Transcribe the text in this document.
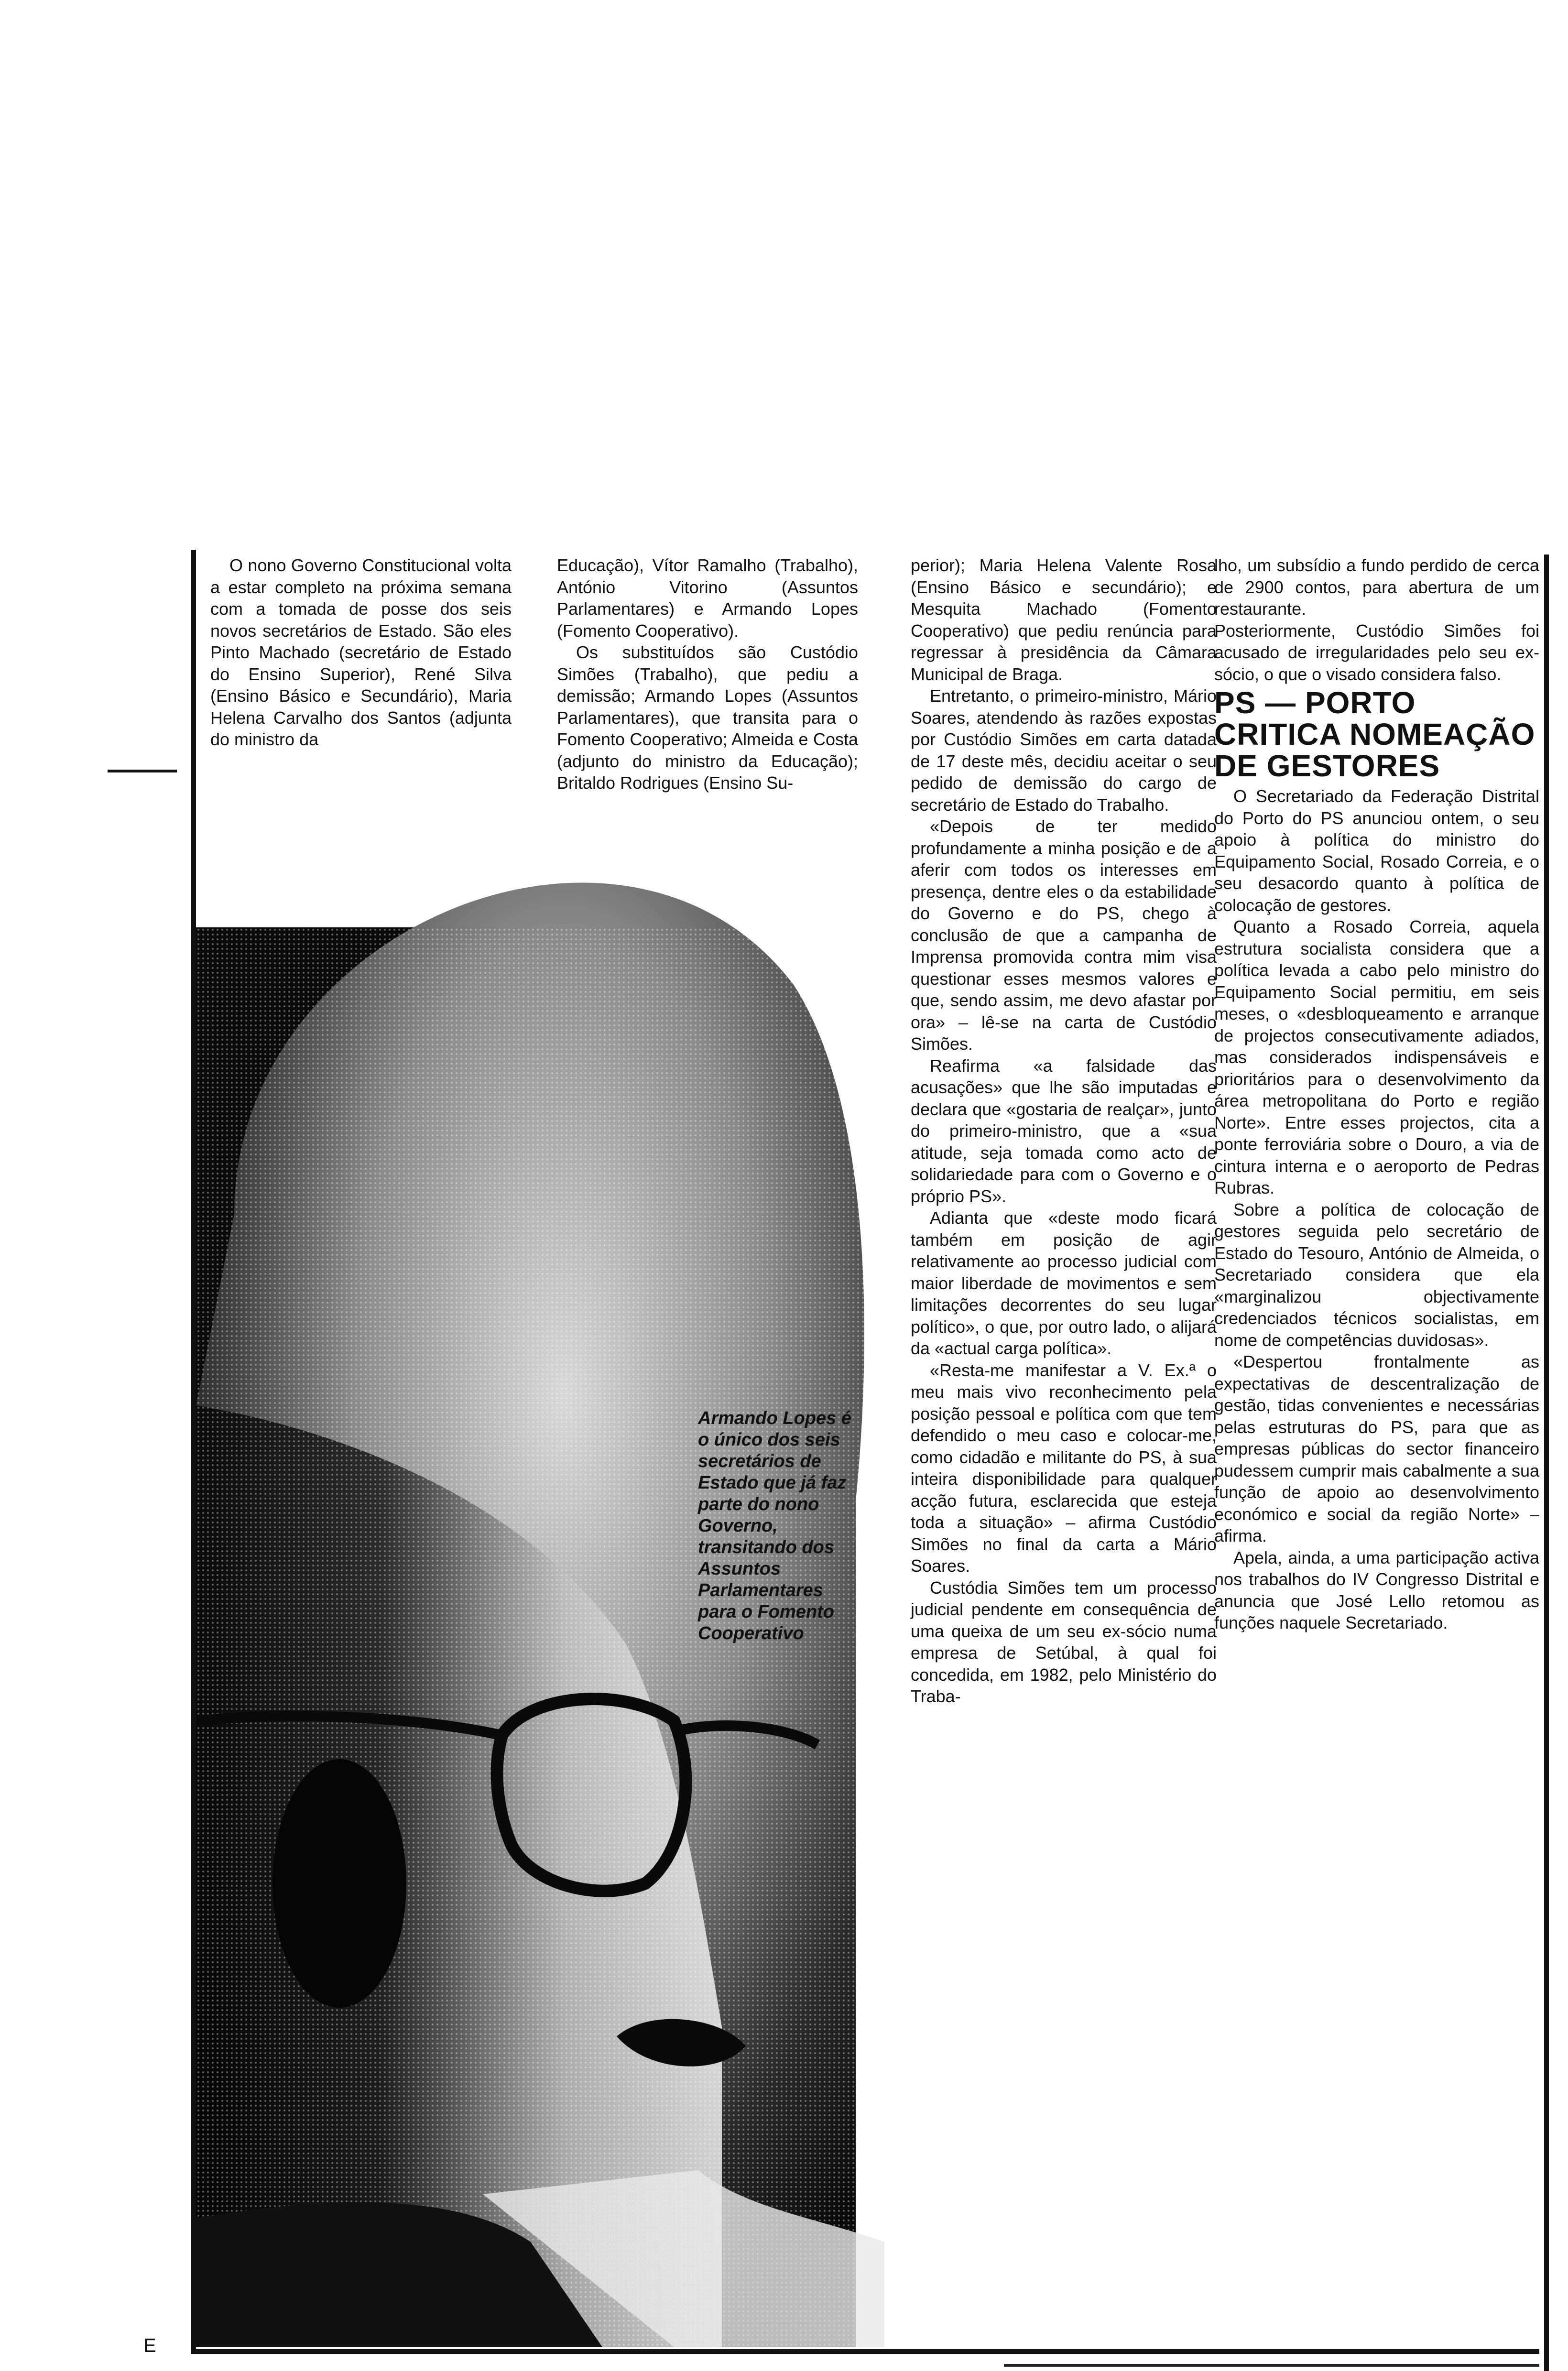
E
Armando Lopes é o único dos seis secretários de Estado que já faz parte do nono Governo, transitando dos Assuntos Parlamentares para o Fomento Cooperativo

O nono Governo Constitucional volta a estar completo na próxima semana com a tomada de posse dos seis novos secretários de Estado. São eles Pinto Machado (secretário de Estado do Ensino Superior), René Silva (Ensino Básico e Secundário), Maria Helena Carvalho dos Santos (adjunta do ministro da

Educação), Vítor Ramalho (Trabalho), António Vitorino (Assuntos Parlamentares) e Armando Lopes (Fomento Cooperativo).

Os substituídos são Custódio Simões (Trabalho), que pediu a demissão; Armando Lopes (Assuntos Parlamentares), que transita para o Fomento Cooperativo; Almeida e Costa (adjunto do ministro da Educação); Britaldo Rodrigues (Ensino Su-

perior); Maria Helena Valente Rosa (Ensino Básico e secundário); e Mesquita Machado (Fomento Cooperativo) que pediu renúncia para regressar à presidência da Câmara Municipal de Braga.

Entretanto, o primeiro-ministro, Mário Soares, atendendo às razões expostas por Custódio Simões em carta datada de 17 deste mês, decidiu aceitar o seu pedido de demissão do cargo de secretário de Estado do Trabalho.

«Depois de ter medido profundamente a minha posição e de a aferir com todos os interesses em presença, dentre eles o da estabilidade do Governo e do PS, chego à conclusão de que a campanha de Imprensa promovida contra mim visa questionar esses mesmos valores e que, sendo assim, me devo afastar por ora» – lê-se na carta de Custódio Simões.

Reafirma «a falsidade das acusações» que lhe são imputadas e declara que «gostaria de realçar», junto do primeiro-ministro, que a «sua atitude, seja tomada como acto de solidariedade para com o Governo e o próprio PS».

Adianta que «deste modo ficará também em posição de agir relativamente ao processo judicial com maior liberdade de movimentos e sem limitações decorrentes do seu lugar político», o que, por outro lado, o alijará da «actual carga política».

«Resta-me manifestar a V. Ex.ª o meu mais vivo reconhecimento pela posição pessoal e política com que tem defendido o meu caso e colocar-me, como cidadão e militante do PS, à sua inteira disponibilidade para qualquer acção futura, esclarecida que esteja toda a situação» – afirma Custódio Simões no final da carta a Mário Soares.

Custódia Simões tem um processo judicial pendente em consequência de uma queixa de um seu ex-sócio numa empresa de Setúbal, à qual foi concedida, em 1982, pelo Ministério do Traba-

lho, um subsídio a fundo perdido de cerca de 2900 contos, para abertura de um restaurante.

Posteriormente, Custódio Simões foi acusado de irregularidades pelo seu ex-sócio, o que o visado considera falso.

PS — PORTO CRITICA NOMEAÇÃO DE GESTORES

O Secretariado da Federação Distrital do Porto do PS anunciou ontem, o seu apoio à política do ministro do Equipamento Social, Rosado Correia, e o seu desacordo quanto à política de colocação de gestores.

Quanto a Rosado Correia, aquela estrutura socialista considera que a política levada a cabo pelo ministro do Equipamento Social permitiu, em seis meses, o «desbloqueamento e arranque de projectos consecutivamente adiados, mas considerados indispensáveis e prioritários para o desenvolvimento da área metropolitana do Porto e região Norte». Entre esses projectos, cita a ponte ferroviária sobre o Douro, a via de cintura interna e o aeroporto de Pedras Rubras.

Sobre a política de colocação de gestores seguida pelo secretário de Estado do Tesouro, António de Almeida, o Secretariado considera que ela «marginalizou objectivamente credenciados técnicos socialistas, em nome de competências duvidosas».

«Despertou frontalmente as expectativas de descentralização de gestão, tidas convenientes e necessárias pelas estruturas do PS, para que as empresas públicas do sector financeiro pudessem cumprir mais cabalmente a sua função de apoio ao desenvolvimento económico e social da região Norte» – afirma.

Apela, ainda, a uma participação activa nos trabalhos do IV Congresso Distrital e anuncia que José Lello retomou as funções naquele Secretariado.
